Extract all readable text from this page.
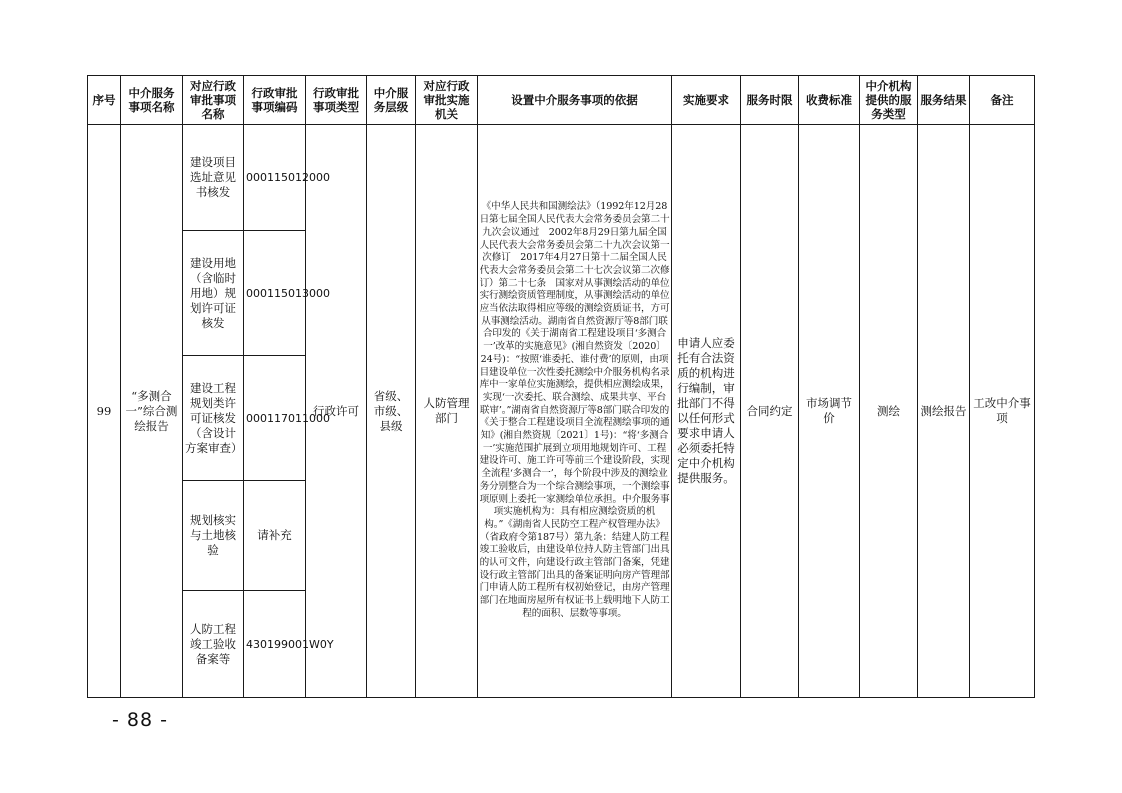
序号	中介服务事项名称	对应行政审批事项名称	行政审批事项编码	行政审批事项类型	中介服务层级	对应行政审批实施机关	设置中介服务事项的依据	实施要求	服务时限	收费标准	中介机构提供的服务类型	服务结果	备注
99	“多测合一”综合测绘报告	建设项目选址意见书核发	000115012000	行政许可	省级、市级、县级	人防管理部门	《中华人民共和国测绘法》（1992年12月28日第七届全国人民代表大会常务委员会第二十九次会议通过　2002年8月29日第九届全国人民代表大会常务委员会第二十九次会议第一次修订　2017年4月27日第十二届全国人民代表大会常务委员会第二十七次会议第二次修订）第二十七条　国家对从事测绘活动的单位实行测绘资质管理制度，从事测绘活动的单位应当依法取得相应等级的测绘资质证书，方可从事测绘活动。湖南省自然资源厅等8部门联合印发的《关于湖南省工程建设项目‘多测合一’改革的实施意见》(湘自然资发〔2020〕24号)：“按照‘谁委托、谁付费’的原则，由项目建设单位一次性委托测绘中介服务机构名录库中一家单位实施测绘，提供相应测绘成果，实现‘一次委托、联合测绘、成果共享、平台联审’。”湖南省自然资源厅等8部门联合印发的《关于整合工程建设项目全流程测绘事项的通知》(湘自然资规〔2021〕1号)：“将‘多测合一’实施范围扩展到立项用地规划许可、工程建设许可、施工许可等前三个建设阶段，实现全流程‘多测合一’，每个阶段中涉及的测绘业务分别整合为一个综合测绘事项，一个测绘事项原则上委托一家测绘单位承担。中介服务事项实施机构为：具有相应测绘资质的机构。”《湖南省人民防空工程产权管理办法》（省政府令第187号）第九条：结建人防工程竣工验收后，由建设单位持人防主管部门出具的认可文件，向建设行政主管部门备案，凭建设行政主管部门出具的备案证明向房产管理部门申请人防工程所有权初始登记，由房产管理部门在地面房屋所有权证书上载明地下人防工程的面积、层数等事项。	申请人应委托有合法资质的机构进行编制，审批部门不得以任何形式要求申请人必须委托特定中介机构提供服务。	合同约定	市场调节价	测绘	测绘报告	工改中介事项
		建设用地（含临时用地）规划许可证核发	000115013000										
		建设工程规划类许可证核发（含设计方案审查）	000117011000										
		规划核实与土地核验	请补充										
		人防工程竣工验收备案等	430199001W0Y										
- 88 -
